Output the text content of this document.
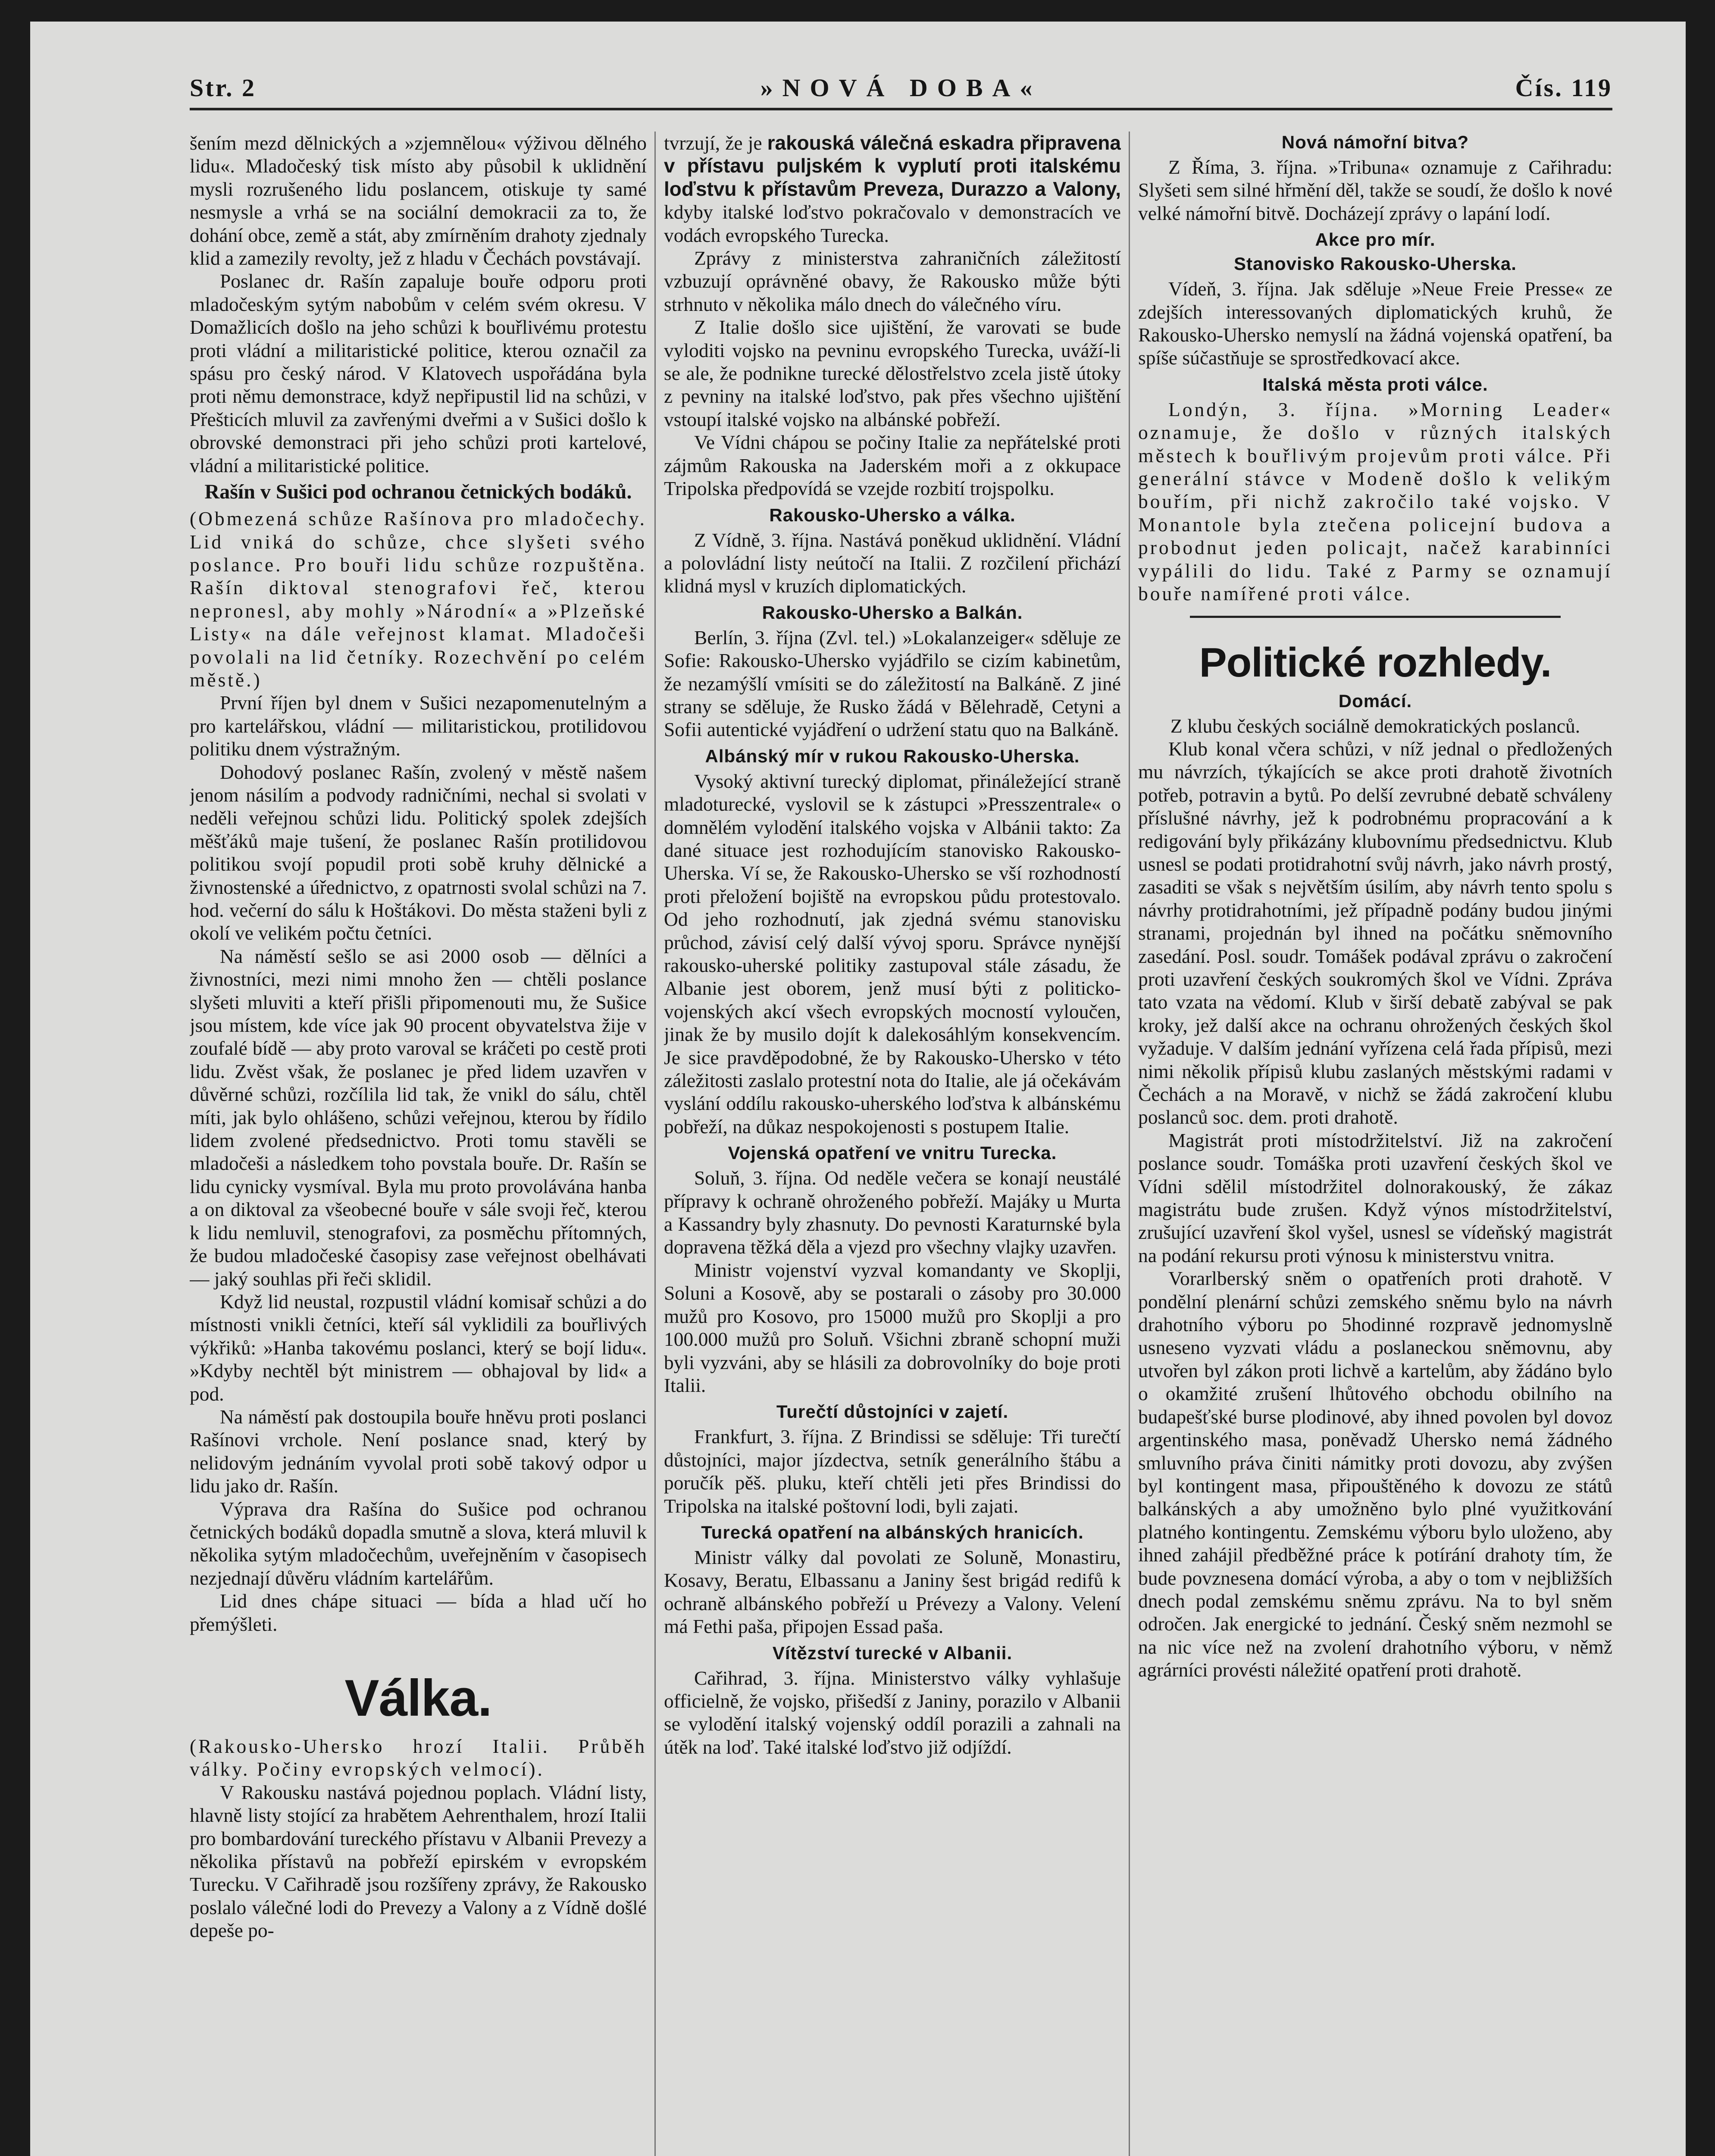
Str. 2	»NOVÁ DOBA«	Čís. 119

šením mezd dělnických a »zjemnělou« výživou dělného lidu«. Mladočeský tisk místo aby působil k uklidnění mysli rozrušeného lidu poslancem, otiskuje ty samé nesmysle a vrhá se na sociální demokracii za to, že dohání obce, země a stát, aby zmírněním drahoty zjednaly klid a zamezily revolty, jež z hladu v Čechách povstávají.

Poslanec dr. Rašín zapaluje bouře odporu proti mladočeským sytým nabobům v celém svém okresu. V Domažlicích došlo na jeho schůzi k bouřlivému protestu proti vládní a militaristické politice, kterou označil za spásu pro český národ. V Klatovech uspořádána byla proti němu demonstrace, když nepřipustil lid na schůzi, v Přešticích mluvil za zavřenými dveřmi a v Sušici došlo k obrovské demonstraci při jeho schůzi proti kartelové, vládní a militaristické politice.

Rašín v Sušici pod ochranou četnických bodáků.

(Obmezená schůze Rašínova pro mladočechy. Lid vniká do schůze, chce slyšeti svého poslance. Pro bouři lidu schůze rozpuštěna. Rašín diktoval stenografovi řeč, kterou nepronesl, aby mohly »Národní« a »Plzeňské Listy« na dále veřejnost klamat. Mladočeši povolali na lid četníky. Rozechvění po celém městě.)

První říjen byl dnem v Sušici nezapomenutelným a pro kartelářskou, vládní — militaristickou, protilidovou politiku dnem výstražným.

Dohodový poslanec Rašín, zvolený v městě našem jenom násilím a podvody radničními, nechal si svolati v neděli veřejnou schůzi lidu. Politický spolek zdejších měšťáků maje tušení, že poslanec Rašín protilidovou politikou svojí popudil proti sobě kruhy dělnické a živnostenské a úřednictvo, z opatrnosti svolal schůzi na 7. hod. večerní do sálu k Hoštákovi. Do města staženi byli z okolí ve velikém počtu četníci.

Na náměstí sešlo se asi 2000 osob — dělníci a živnostníci, mezi nimi mnoho žen — chtěli poslance slyšeti mluviti a kteří přišli připomenouti mu, že Sušice jsou místem, kde více jak 90 procent obyvatelstva žije v zoufalé bídě — aby proto varoval se kráčeti po cestě proti lidu. Zvěst však, že poslanec je před lidem uzavřen v důvěrné schůzi, rozčílila lid tak, že vnikl do sálu, chtěl míti, jak bylo ohlášeno, schůzi veřejnou, kterou by řídilo lidem zvolené předsednictvo. Proti tomu stavěli se mladočeši a následkem toho povstala bouře. Dr. Rašín se lidu cynicky vysmíval. Byla mu proto provolávána hanba a on diktoval za všeobecné bouře v sále svoji řeč, kterou k lidu nemluvil, stenografovi, za posměchu přítomných, že budou mladočeské časopisy zase veřejnost obelhávati — jaký souhlas při řeči sklidil.

Když lid neustal, rozpustil vládní komisař schůzi a do místnosti vnikli četníci, kteří sál vyklidili za bouřlivých výkřiků: »Hanba takovému poslanci, který se bojí lidu«. »Kdyby nechtěl být ministrem — obhajoval by lid« a pod.

Na náměstí pak dostoupila bouře hněvu proti poslanci Rašínovi vrchole. Není poslance snad, který by nelidovým jednáním vyvolal proti sobě takový odpor u lidu jako dr. Rašín.

Výprava dra Rašína do Sušice pod ochranou četnických bodáků dopadla smutně a slova, která mluvil k několika sytým mladočechům, uveřejněním v časopisech nezjednají důvěru vládním kartelářům.

Lid dnes chápe situaci — bída a hlad učí ho přemýšleti.

Válka.

(Rakousko-Uhersko hrozí Italii. Průběh války. Počiny evropských velmocí).

V Rakousku nastává pojednou poplach. Vládní listy, hlavně listy stojící za hrabětem Aehrenthalem, hrozí Italii pro bombardování tureckého přístavu v Albanii Prevezy a několika přístavů na pobřeží epirském v evropském Turecku. V Cařihradě jsou rozšířeny zprávy, že Rakousko poslalo válečné lodi do Prevezy a Valony a z Vídně došlé depeše po-

tvrzují, že je rakouská válečná eskadra připravena v přístavu puljském k vyplutí proti italskému loďstvu k přístavům Preveza, Durazzo a Valony, kdyby italské loďstvo pokračovalo v demonstracích ve vodách evropského Turecka.

Zprávy z ministerstva zahraničních záležitostí vzbuzují oprávněné obavy, že Rakousko může býti strhnuto v několika málo dnech do válečného víru.

Z Italie došlo sice ujištění, že varovati se bude vyloditi vojsko na pevninu evropského Turecka, uváží-li se ale, že podnikne turecké dělostřelstvo zcela jistě útoky z pevniny na italské loďstvo, pak přes všechno ujištění vstoupí italské vojsko na albánské pobřeží.

Ve Vídni chápou se počiny Italie za nepřátelské proti zájmům Rakouska na Jaderském moři a z okkupace Tripolska předpovídá se vzejde rozbití trojspolku.

Rakousko-Uhersko a válka.

Z Vídně, 3. října. Nastává poněkud uklidnění. Vládní a polovládní listy neútočí na Italii. Z rozčilení přichází klidná mysl v kruzích diplomatických.

Rakousko-Uhersko a Balkán.

Berlín, 3. října (Zvl. tel.) »Lokalanzeiger« sděluje ze Sofie: Rakousko-Uhersko vyjádřilo se cizím kabinetům, že nezamýšlí vmísiti se do záležitostí na Balkáně. Z jiné strany se sděluje, že Rusko žádá v Bělehradě, Cetyni a Sofii autentické vyjádření o udržení statu quo na Balkáně.

Albánský mír v rukou Rakousko-Uherska.

Vysoký aktivní turecký diplomat, přináležející straně mladoturecké, vyslovil se k zástupci »Presszentrale« o domnělém vylodění italského vojska v Albánii takto: Za dané situace jest rozhodujícím stanovisko Rakousko-Uherska. Ví se, že Rakousko-Uhersko se vší rozhodností proti přeložení bojiště na evropskou půdu protestovalo. Od jeho rozhodnutí, jak zjedná svému stanovisku průchod, závisí celý další vývoj sporu. Správce nynější rakousko-uherské politiky zastupoval stále zásadu, že Albanie jest oborem, jenž musí býti z politicko-vojenských akcí všech evropských mocností vyloučen, jinak že by musilo dojít k dalekosáhlým konsekvencím. Je sice pravděpodobné, že by Rakousko-Uhersko v této záležitosti zaslalo protestní nota do Italie, ale já očekávám vyslání oddílu rakousko-uherského loďstva k albánskému pobřeží, na důkaz nespokojenosti s postupem Italie.

Vojenská opatření ve vnitru Turecka.

Soluň, 3. října. Od neděle večera se konají neustálé přípravy k ochraně ohroženého pobřeží. Majáky u Murta a Kassandry byly zhasnuty. Do pevnosti Karaturnské byla dopravena těžká děla a vjezd pro všechny vlajky uzavřen.

Ministr vojenství vyzval komandanty ve Skoplji, Soluni a Kosově, aby se postarali o zásoby pro 30.000 mužů pro Kosovo, pro 15000 mužů pro Skoplji a pro 100.000 mužů pro Soluň. Všichni zbraně schopní muži byli vyzváni, aby se hlásili za dobrovolníky do boje proti Italii.

Turečtí důstojníci v zajetí.

Frankfurt, 3. října. Z Brindissi se sděluje: Tři turečtí důstojníci, major jízdectva, setník generálního štábu a poručík pěš. pluku, kteří chtěli jeti přes Brindissi do Tripolska na italské poštovní lodi, byli zajati.

Turecká opatření na albánských hranicích.

Ministr války dal povolati ze Soluně, Monastiru, Kosavy, Beratu, Elbassanu a Janiny šest brigád redifů k ochraně albánského pobřeží u Prévezy a Valony. Velení má Fethi paša, připojen Essad paša.

Vítězství turecké v Albanii.

Cařihrad, 3. října. Ministerstvo války vyhlašuje officielně, že vojsko, přišedší z Janiny, porazilo v Albanii se vylodění italský vojenský oddíl porazili a zahnali na útěk na loď. Také italské loďstvo již odjíždí.

Nová námořní bitva?

Z Říma, 3. října. »Tribuna« oznamuje z Cařihradu: Slyšeti sem silné hřmění děl, takže se soudí, že došlo k nové velké námořní bitvě. Docházejí zprávy o lapání lodí.

Akce pro mír.
Stanovisko Rakousko-Uherska.

Vídeň, 3. října. Jak sděluje »Neue Freie Presse« ze zdejších interessovaných diplomatických kruhů, že Rakousko-Uhersko nemyslí na žádná vojenská opatření, ba spíše súčastňuje se sprostředkovací akce.

Italská města proti válce.

Londýn, 3. října. »Morning Leader« oznamuje, že došlo v různých italských městech k bouřlivým projevům proti válce. Při generální stávce v Modeně došlo k velikým bouřím, při nichž zakročilo také vojsko. V Monantole byla ztečena policejní budova a probodnut jeden policajt, načež karabinníci vypálili do lidu. Také z Parmy se oznamují bouře namířené proti válce.

Politické rozhledy.
Domácí.

Z klubu českých sociálně demokratických poslanců.

Klub konal včera schůzi, v níž jednal o předložených mu návrzích, týkajících se akce proti drahotě životních potřeb, potravin a bytů. Po delší zevrubné debatě schváleny příslušné návrhy, jež k podrobnému propracování a k redigování byly přikázány klubovnímu předsednictvu. Klub usnesl se podati protidrahotní svůj návrh, jako návrh prostý, zasaditi se však s největším úsilím, aby návrh tento spolu s návrhy protidrahotními, jež případně podány budou jinými stranami, projednán byl ihned na počátku sněmovního zasedání. Posl. soudr. Tomášek podával zprávu o zakročení proti uzavření českých soukromých škol ve Vídni. Zpráva tato vzata na vědomí. Klub v širší debatě zabýval se pak kroky, jež další akce na ochranu ohrožených českých škol vyžaduje. V dalším jednání vyřízena celá řada přípisů, mezi nimi několik přípisů klubu zaslaných městskými radami v Čechách a na Moravě, v nichž se žádá zakročení klubu poslanců soc. dem. proti drahotě.

Magistrát proti místodržitelství. Již na zakročení poslance soudr. Tomáška proti uzavření českých škol ve Vídni sdělil místodržitel dolnorakouský, že zákaz magistrátu bude zrušen. Když výnos místodržitelství, zrušující uzavření škol vyšel, usnesl se vídeňský magistrát na podání rekursu proti výnosu k ministerstvu vnitra.

Vorarlberský sněm o opatřeních proti drahotě. V pondělní plenární schůzi zemského sněmu bylo na návrh drahotního výboru po 5hodinné rozpravě jednomyslně usneseno vyzvati vládu a poslaneckou sněmovnu, aby utvořen byl zákon proti lichvě a kartelům, aby žádáno bylo o okamžité zrušení lhůtového obchodu obilního na budapešťské burse plodinové, aby ihned povolen byl dovoz argentinského masa, poněvadž Uhersko nemá žádného smluvního práva činiti námitky proti dovozu, aby zvýšen byl kontingent masa, připouštěného k dovozu ze států balkánských a aby umožněno bylo plné využitkování platného kontingentu. Zemskému výboru bylo uloženo, aby ihned zahájil předběžné práce k potírání drahoty tím, že bude povznesena domácí výroba, a aby o tom v nejbližších dnech podal zemskému sněmu zprávu. Na to byl sněm odročen. Jak energické to jednání. Český sněm nezmohl se na nic více než na zvolení drahotního výboru, v němž agrárníci provésti náležité opatření proti drahotě.
